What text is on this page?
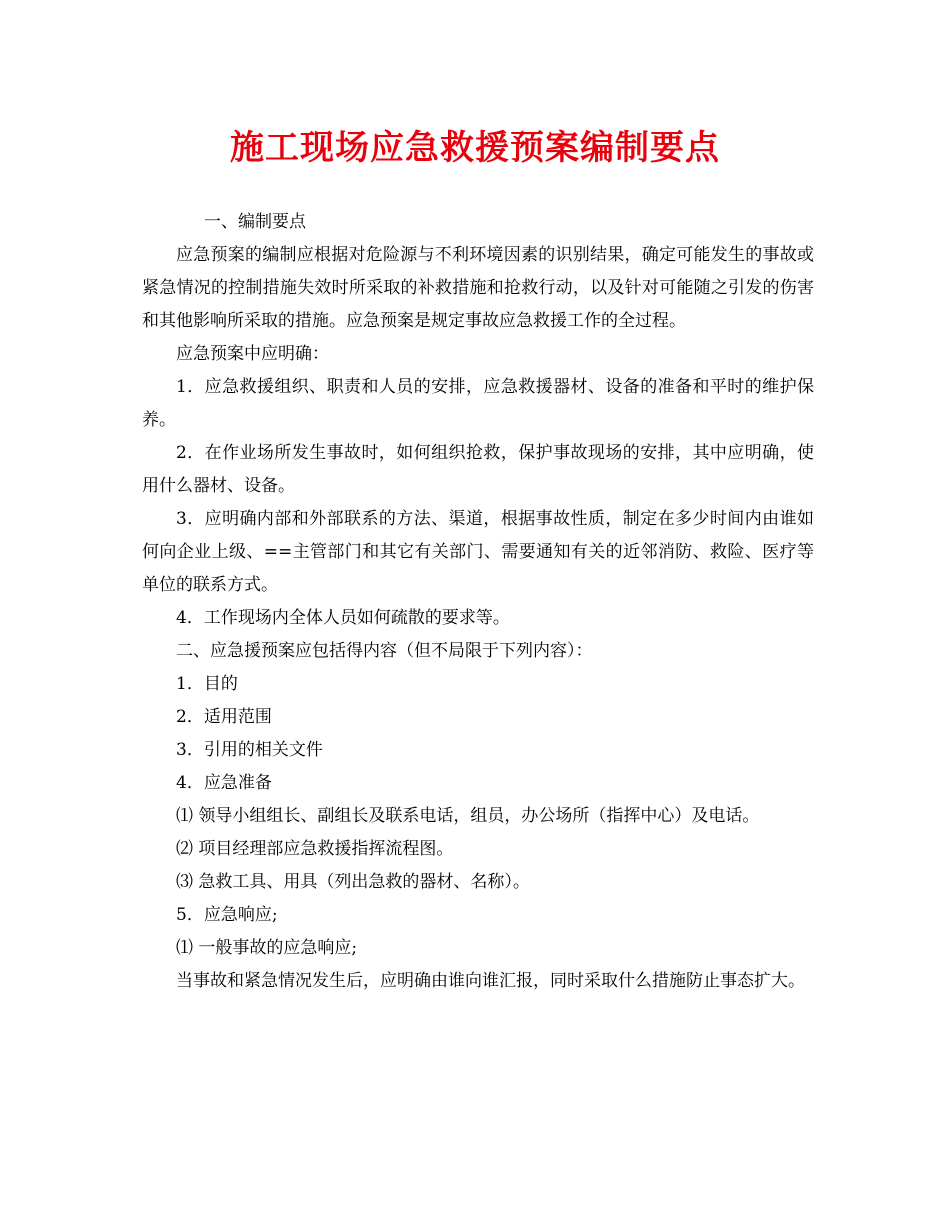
施工现场应急救援预案编制要点

一、编制要点

应急预案的编制应根据对危险源与不利环境因素的识别结果，确定可能发生的事故或紧急情况的控制措施失效时所采取的补救措施和抢救行动，以及针对可能随之引发的伤害和其他影响所采取的措施。应急预案是规定事故应急救援工作的全过程。

应急预案中应明确：

1．应急救援组织、职责和人员的安排，应急救援器材、设备的准备和平时的维护保养。

2．在作业场所发生事故时，如何组织抢救，保护事故现场的安排，其中应明确，使用什么器材、设备。

3．应明确内部和外部联系的方法、渠道，根据事故性质，制定在多少时间内由谁如何向企业上级、==主管部门和其它有关部门、需要通知有关的近邻消防、救险、医疗等单位的联系方式。

4．工作现场内全体人员如何疏散的要求等。

二、应急援预案应包括得内容（但不局限于下列内容）：

1．目的

2．适用范围

3．引用的相关文件

4．应急准备

⑴ 领导小组组长、副组长及联系电话，组员，办公场所（指挥中心）及电话。

⑵ 项目经理部应急救援指挥流程图。

⑶ 急救工具、用具（列出急救的器材、名称）。

5．应急响应;

⑴ 一般事故的应急响应;

当事故和紧急情况发生后，应明确由谁向谁汇报，同时采取什么措施防止事态扩大。
